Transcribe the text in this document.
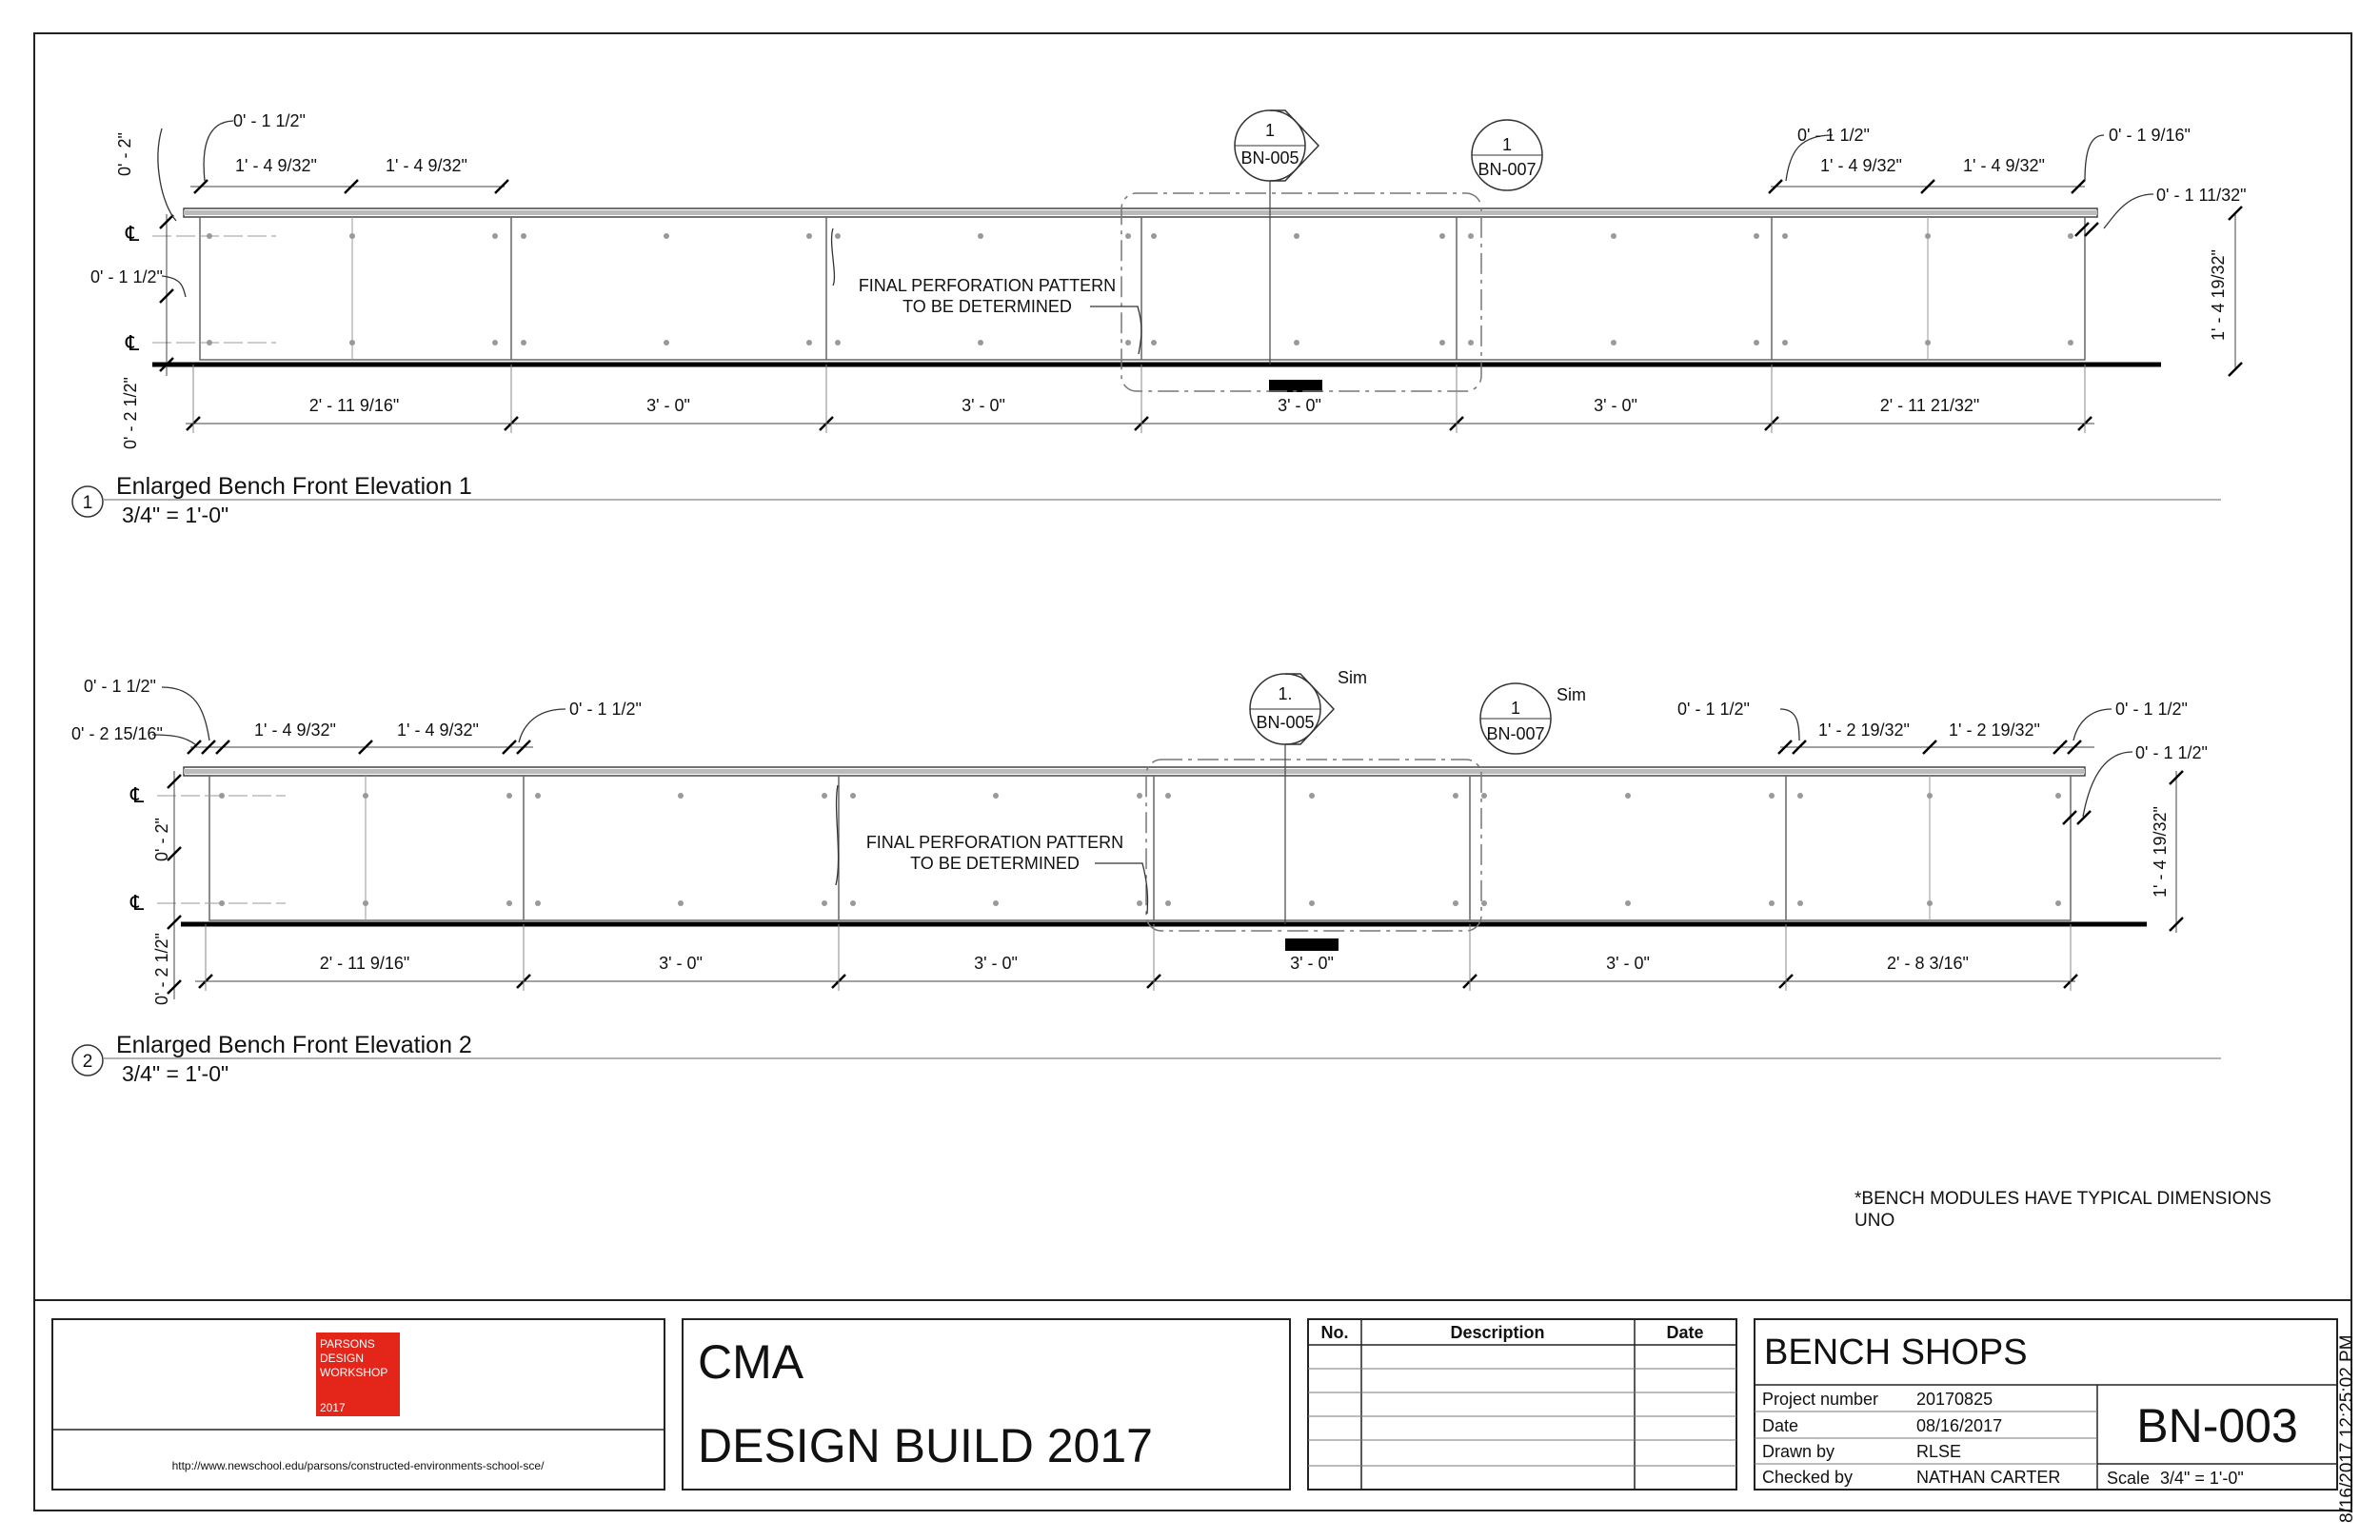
℄
℄
℄
℄
1
Enlarged Bench Front Elevation 1
3/4" = 1'-0"
FINAL PERFORATION PATTERN
TO BE DETERMINED
1
BN-005
1
BN-007
1' - 4 9/32"	1' - 4 9/32"	1' - 4 9/32"	1' - 4 9/32"
2' - 11 9/16"	3' - 0"	3' - 0"	3' - 0"	3' - 0"	2' - 11 21/32"
0' - 1 1/2"
0' - 2"
0' - 1 1/2"
0' - 2 1/2"
0' - 1 1/2"	0' - 1 9/16"
0' - 1 11/32"
1' - 4 19/32"
2
Enlarged Bench Front Elevation 2
3/4" = 1'-0"
FINAL PERFORATION PATTERN
TO BE DETERMINED
1.
BN-005
Sim
1
BN-007
Sim
1' - 4 9/32"	1' - 4 9/32"	1' - 2 19/32" 1' - 2 19/32"
2' - 11 9/16"	3' - 0"	3' - 0"	3' - 0"	3' - 0"	2' - 8 3/16"
0' - 1 1/2"
0' - 2 15/16"
0' - 1 1/2"
0' - 2"
0' - 2 1/2"
0' - 1 1/2"	0' - 1 1/2"
0' - 1 1/2"
1' - 4 19/32"
*BENCH MODULES HAVE TYPICAL DIMENSIONS
UNO
PARSONS
DESIGN
WORKSHOP
2017
http://www.newschool.edu/parsons/constructed-environments-school-sce/
CMA
DESIGN BUILD 2017
No.	Description	Date BENCH SHOPS
Project number 20170825
Date	08/16/2017
Drawn by	RLSE
Checked by	NATHAN CARTER
BN-003
Scale 3/4" = 1'-0"	8/16/2017 12:25:02 PM
